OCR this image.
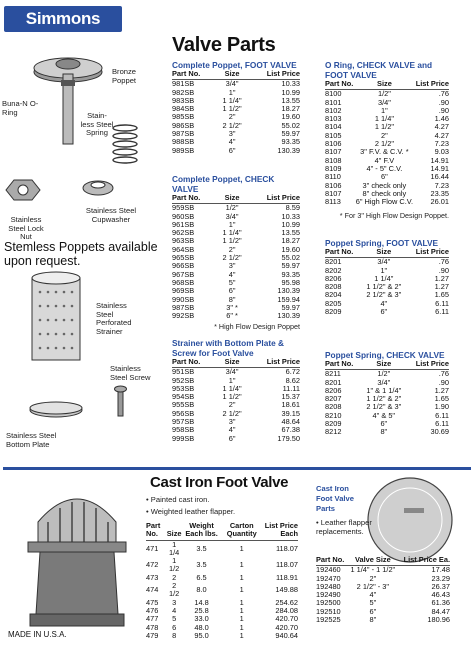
Simmons
Valve Parts
Bronze Poppet
Buna-N O-Ring	Stain- less Steel Spring
Stainless Steel Lock Nut
Stainless Steel Cupwasher
Stemless Poppets available upon request.
Stainless Steel Perforated Strainer
Stainless Steel Screw
Stainless Steel Bottom Plate
Complete Poppet, FOOT VALVE
Part No.	Size	List Price
981SB	3/4"	10.33
982SB	1"	10.99
983SB	1 1/4"	13.55
984SB	1 1/2"	18.27
985SB	2"	19.60
986SB	2 1/2"	55.02
987SB	3"	59.97
988SB	4"	93.35
989SB	6"	130.39
Complete Poppet, CHECK VALVE
Part No.	Size	List Price
959SB	1/2"	8.59
960SB	3/4"	10.33
961SB	1"	10.99
962SB	1 1/4"	13.55
963SB	1 1/2"	18.27
964SB	2"	19.60
965SB	2 1/2"	55.02
966SB	3"	59.97
967SB	4"	93.35
968SB	5"	95.98
969SB	6"	130.39
990SB	8"	159.94
987SB	3" *	59.97
992SB	6" *	130.39
* High Flow Design Poppet
Strainer with Bottom Plate & Screw for Foot Valve
Part No.	Size	List Price
951SB	3/4"	6.72
952SB	1"	8.62
953SB	1 1/4"	11.11
954SB	1 1/2"	15.37
955SB	2"	18.61
956SB	2 1/2"	39.15
957SB	3"	48.64
958SB	4"	67.38
999SB	6"	179.50
O Ring, CHECK VALVE and FOOT VALVE
Part No.	Size	List Price
8100	1/2"	.76
8101	3/4"	.90
8102	1"	.90
8103	1 1/4"	1.46
8104	1 1/2"	4.27
8105	2"	4.27
8106	2 1/2"	7.23
8107	3" F.V. & C.V. *	9.03
8108	4" F.V	14.91
8109	4" - 5" C.V.	14.91
8110	6"	16.44
8106	3" check only	7.23
8107	8" check only	23.35
8113	6" High Flow C.V.	26.01
* For 3" High Flow Design Poppet.
Poppet Spring, FOOT VALVE
Part No.	Size	List Price
8201	3/4"	.76
8202	1"	.90
8206	1 1/4"	1.27
8208	1 1/2" & 2"	1.27
8204	2 1/2" & 3"	1.65
8205	4"	6.11
8209	6"	6.11
Poppet Spring, CHECK VALVE
Part No.	Size	List Price
8211	1/2"	.76
8201	3/4"	.90
8206	1" & 1 1/4"	1.27
8207	1 1/2" & 2"	1.65
8208	2 1/2" & 3"	1.90
8210	4" & 5"	6.11
8209	6"	6.11
8212	8"	30.69
Cast Iron Foot Valve
• Painted cast iron.
• Weighted leather flapper.
Part No.	Size	Weight Each lbs.	Carton Quantity	List Price Each
471	1 1/4	3.5	1	118.07
472	1 1/2	3.5	1	118.07
473	2	6.5	1	118.91
474	2 1/2	8.0	1	149.88
475	3	14.8	1	254.62
476	4	25.8	1	284.08
477	5	33.0	1	420.70
478	6	48.0	1	420.70
479	8	95.0	1	940.64
Cast Iron Foot Valve Parts
• Leather flapper replacements.
Part No.	Valve Size	List Price Ea.
192460	1 1/4" - 1 1/2"	17.48
192470	2"	23.29
192480	2 1/2" - 3"	26.37
192490	4"	46.43
192500	5"	61.36
192510	6"	84.47
192525	8"	180.96
MADE IN U.S.A.
